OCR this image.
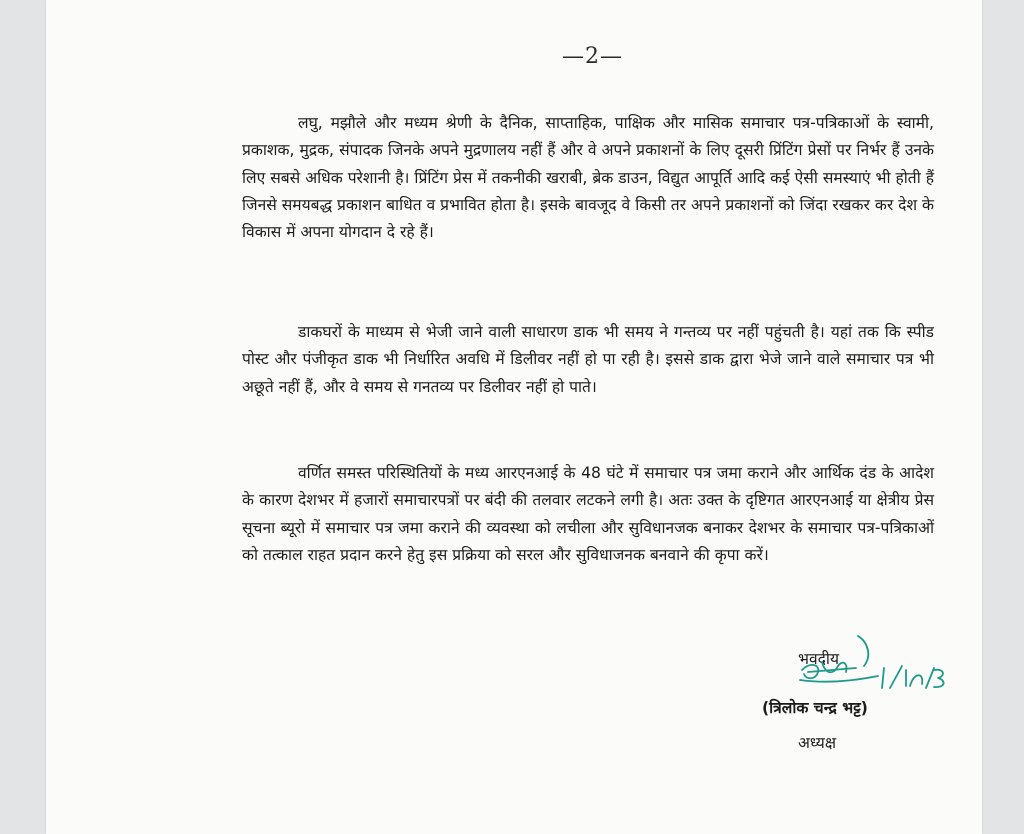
—2—

लघु, मझौले और मध्यम श्रेणी के दैनिक, साप्ताहिक, पाक्षिक और मासिक समाचार पत्र-पत्रिकाओं के स्वामी, प्रकाशक, मुद्रक, संपादक जिनके अपने मुद्रणालय नहीं हैं और वे अपने प्रकाशनों के लिए दूसरी प्रिंटिंग प्रेसों पर निर्भर हैं उनके लिए सबसे अधिक परेशानी है। प्रिंटिंग प्रेस में तकनीकी खराबी, ब्रेक डाउन, विद्युत आपूर्ति आदि कई ऐसी समस्याएं भी होती हैं जिनसे समयबद्ध प्रकाशन बाधित व प्रभावित होता है। इसके बावजूद वे किसी तर अपने प्रकाशनों को जिंदा रखकर कर देश के विकास में अपना योगदान दे रहे हैं।

डाकघरों के माध्यम से भेजी जाने वाली साधारण डाक भी समय ने गन्तव्य पर नहीं पहुंचती है। यहां तक कि स्पीड पोस्ट और पंजीकृत डाक भी निर्धारित अवधि में डिलीवर नहीं हो पा रही है। इससे डाक द्वारा भेजे जाने वाले समाचार पत्र भी अछूते नहीं हैं, और वे समय से गनतव्य पर डिलीवर नहीं हो पाते।

वर्णित समस्त परिस्थितियों के मध्य आरएनआई के 48 घंटे में समाचार पत्र जमा कराने और आर्थिक दंड के आदेश के कारण देशभर में हजारों समाचारपत्रों पर बंदी की तलवार लटकने लगी है। अतः उक्त के दृष्टिगत आरएनआई या क्षेत्रीय प्रेस सूचना ब्यूरो में समाचार पत्र जमा कराने की व्यवस्था को लचीला और सुविधानजक बनाकर देशभर के समाचार पत्र-पत्रिकाओं को तत्काल राहत प्रदान करने हेतु इस प्रक्रिया को सरल और सुविधाजनक बनवाने की कृपा करें।

भवदीय
(त्रिलोक चन्द्र भट्ट)
अध्यक्ष
